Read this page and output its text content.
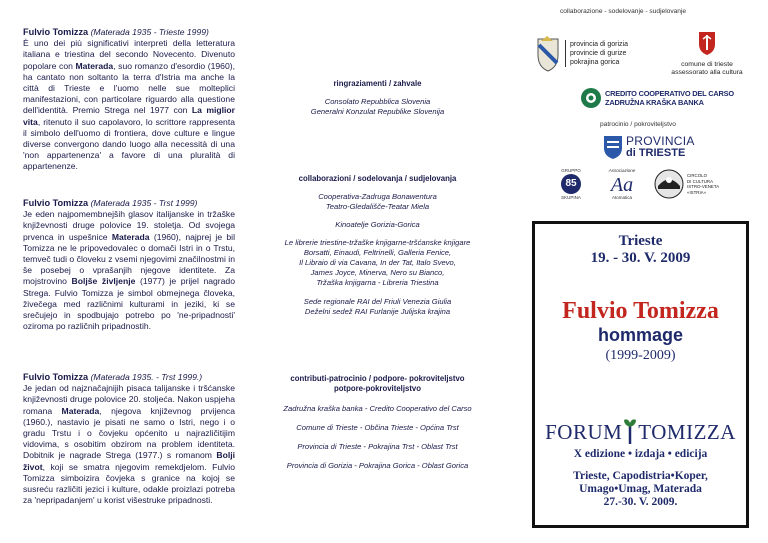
collaborazione - sodelovanje - sudjelovanje

Fulvio Tomizza (Materada 1935 - Trieste 1999)
È uno dei più significativi interpreti della letteratura italiana e triestina del secondo Novecento. Divenuto popolare con Materada, suo romanzo d'esordio (1960), ha cantato non soltanto la terra d'Istria ma anche la città di Trieste e l'uomo nelle sue molteplici manifestazioni, con particolare riguardo alla questione dell'identità. Premio Strega nel 1977 con La miglior vita, ritenuto il suo capolavoro, lo scrittore rappresenta il simbolo dell'uomo di frontiera, dove culture e lingue diverse convergono dando luogo alla necessità di una 'non appartenenza' a favore di una pluralità di appartenenze.

Fulvio Tomizza (Materada 1935 - Trst 1999)
Je eden najpomembnejših glasov italijanske in tržaške književnosti druge polovice 19. stoletja. Od svojega prvenca in uspešnice Materada (1960), najprej je bil Tomizza ne le pripovedovalec o domači Istri in o Trstu, temveč tudi o človeku z vsemi njegovimi značilnostmi in še posebej o vprašanjih njegove identitete. Za mojstrovino Boljše življenje (1977) je prijel nagrado Strega. Fulvio Tomizza je simbol obmejnega človeka, živečega med različnimi kulturami in jeziki, ki se srečujejo in spodbujajo potrebo po 'ne-pripadnosti' oziroma po različnih pripadnostih.

Fulvio Tomizza (Materada 1935. - Trst 1999.)
Je jedan od najznačajnijih pisaca talijanske i tršćanske književnosti druge polovice 20. stoljeća. Nakon uspjeha romana Materada, njegova književnog prvijenca (1960.), nastavio je pisati ne samo o Istri, nego i o gradu Trstu i o čovjeku općenito u najrazličitijim vidovima, s osobitim obzirom na problem identiteta. Dobitnik je nagrade Strega (1977.) s romanom Bolji život, koji se smatra njegovim remekdjelom. Fulvio Tomizza simboizira čovjeka s granice na kojoj se susreću različiti jezici i kulture, odakle proizlazi potreba za 'nepripadanjem' u korist višestruke pripadnosti.

ringraziamenti / zahvale
Consolato Repubblica Slovenia
Generalni Konzulat Republike Slovenija
collaborazioni / sodelovanja / sudjelovanja
Cooperativa-Zadruga Bonawentura
Teatro-Gledališče-Teatar Miela
Kinoatelje Gorizia-Gorica
Le librerie triestine-tržaške knjigarne-tršćanske knjigare
Borsatti, Einaudi, Feltrinelli, Galleria Fenice,
Il Libraio di via Cavana, In der Tat, Italo Svevo,
James Joyce, Minerva, Nero su Bianco,
Tržaška knjigarna - Libreria Triestina
Sede regionale RAI del Friuli Venezia Giulia
Deželni sedež RAI Furlanije Julijska krajina
contributi-patrocinio / podpore- pokroviteljstvo
potpore-pokroviteljstvo
Zadružna kraška banka - Credito Cooperativo del Carso
Comune di Trieste - Občina Trieste - Općina Trst
Provincia di Trieste - Pokrajina Trst - Oblast Trst
Provincia di Gorizia - Pokrajina Gorica - Oblast Gorica
provincia di gorizia
provincie di gurize
pokrajina gorica	comune di trieste
assessorato alla cultura
CREDITO COOPERATIVO DEL CARSO
ZADRUŽNA KRAŠKA BANKA
patrocinio / pokroviteljstvo
PROVINCIA
di TRIESTE
GRUPPO
85
SKUPINA
Associazione
Aa
Atomatica
CIRCOLO
DI CULTURA
ISTRO-VENETA
«ISTRIA»
Trieste
19. - 30. V. 2009
Fulvio Tomizza
hommage
(1999-2009)
FORUM TOMIZZA
X edizione • izdaja • edicija
Trieste, Capodistria•Koper,
Umago•Umag, Materada
27.-30. V. 2009.
